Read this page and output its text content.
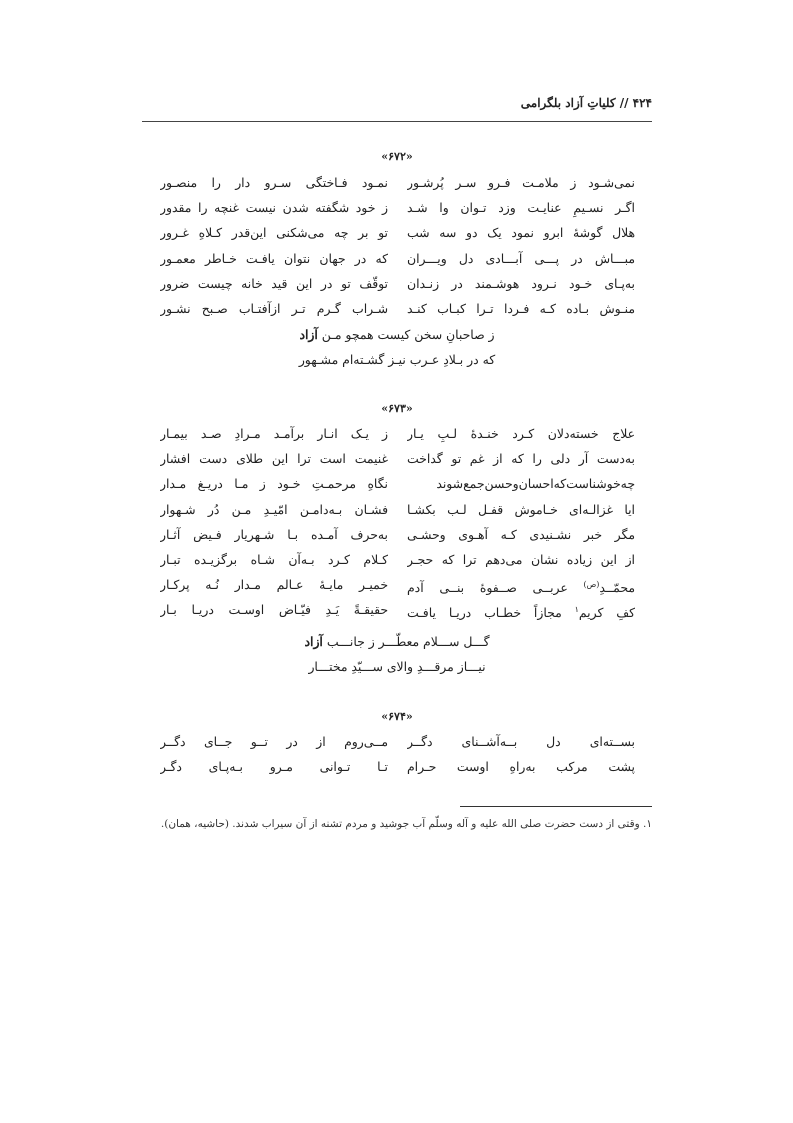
۴۲۴ // کلیاتِ آزاد بلگرامی
«۶۷۲»
نمی‌شـود ز ملامـت فـرو سـر پُرشـور
نمـود فـاختگی سـرو دار را منصـور
اگـر نسـیمِ عنایـت وزد تـوان وا شـد
ز خود شگفته شدن نیست غنچه را مقدور
هلال گوشهٔ ابرو نمود یک دو سه شب
تو بر چه می‌شکنی این‌قدر کـلاهِ غـرور
مبـــاش در پـــی آبـــادی دل ویـــران
که در جهان نتوان یافـت خـاطر معمـور
به‌پـای خـود نـرود هوشـمند در زنـدان
توقّف تو در این قید خانه چیست ضرور
منـوش بـاده کـه فـردا تـرا کبـاب کنـد
شـراب گـرم تـر ازآفتـاب صـبح نشـور
ز صاحبانِ سخن کیست همچو مـن آزاد
که در بـلادِ عـرب نیـز گشـته‌ام مشـهور
«۶۷۳»
علاج خسته‌دلان کـرد خنـدهٔ لـبِ یـار
ز یـک انـار برآمـد مـرادِ صـد بیمـار
به‌دست آر دلی را که از غم تو گداخت
غنیمت است ترا این طلای دست افشار
چه‌خوشناست‌که‌احسان‌وحسن‌جمع‌شوند
نگاهِ مرحمـتِ خـود ز مـا دریـغ مـدار
ایا غزالـه‌ای خـاموش قفـل لـب بکشـا
فشـان بـه‌دامـن امّیـدِ مـن دُر شـهوار
مگر خبر نشـنیدی کـه آهـوی وحشـی
به‌حرف آمـده بـا شـهریار فـیض آثـار
از این زیاده نشان می‌دهم ترا که حجـر
کـلام کـرد بـه‌آن شـاه برگزیـده تبـار
محمّــدِ$^{(ص)}$ عربــی صــفوهٔ بنــی آدم
خمیـر مایـهٔ عـالم مـدار نُـه پرکـار
کفِ کریم$^۱$ مجازاً خطـاب دریـا یافـت
حقیقـةً یَـدِ فیّـاض اوسـت دریـا بـار
گـــل ســـلام معطّـــر ز جانـــب آزاد
نیـــاز مرقـــدِ والای ســـیّدِ مختـــار
«۶۷۴»
بســته‌ای دل بــه‌آشــنای دگــر
مــی‌روم از در تــو جــای دگــر
پشت مرکب به‌راهِ اوست حـرام
تـا تـوانی مـرو بـه‌پـای دگـر
۱. وقتی از دست حضرت صلی الله علیه و آله وسلّم آب جوشید و مردم تشنه از آن سیراب شدند. (حاشیه، همان).
